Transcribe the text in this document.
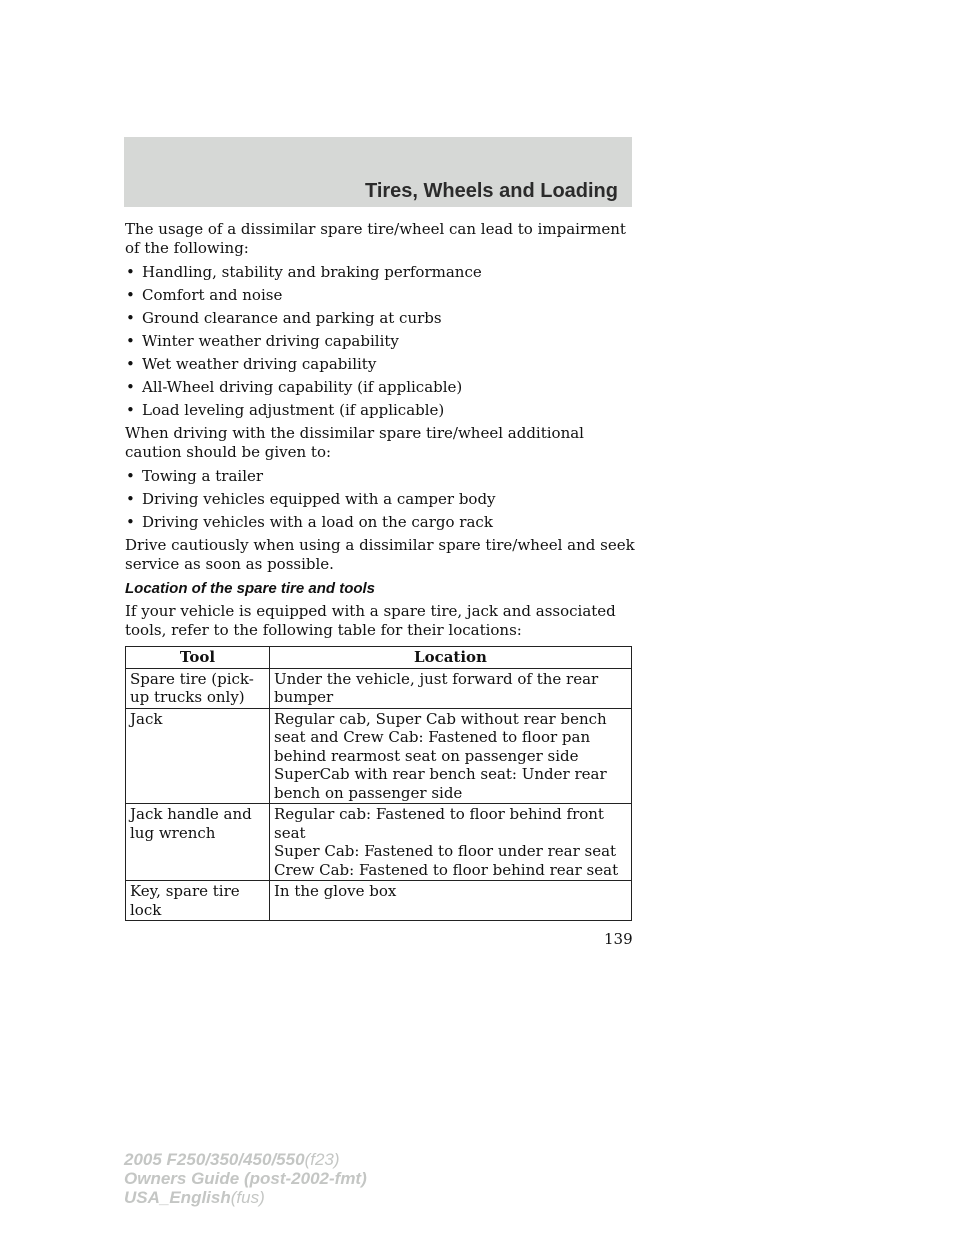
Tires, Wheels and Loading

The usage of a dissimilar spare tire/wheel can lead to impairment of the following:

• Handling, stability and braking performance
• Comfort and noise
• Ground clearance and parking at curbs
• Winter weather driving capability
• Wet weather driving capability
• All-Wheel driving capability (if applicable)
• Load leveling adjustment (if applicable)

When driving with the dissimilar spare tire/wheel additional caution should be given to:

• Towing a trailer
• Driving vehicles equipped with a camper body
• Driving vehicles with a load on the cargo rack

Drive cautiously when using a dissimilar spare tire/wheel and seek service as soon as possible.

Location of the spare tire and tools

If your vehicle is equipped with a spare tire, jack and associated tools, refer to the following table for their locations:

Tool	Location
Spare tire (pick-up trucks only)	Under the vehicle, just forward of the rear bumper

Jack	Regular cab, Super Cab without rear bench seat and Crew Cab: Fastened to floor pan behind rearmost seat on passenger side
SuperCab with rear bench seat: Under rear bench on passenger side

Jack handle and lug wrench	Regular cab: Fastened to floor behind front seat
Super Cab: Fastened to floor under rear seat
Crew Cab: Fastened to floor behind rear seat

Key, spare tire lock	In the glove box
139
2005 F250/350/450/550(f23)
Owners Guide (post-2002-fmt)
USA_English(fus)
